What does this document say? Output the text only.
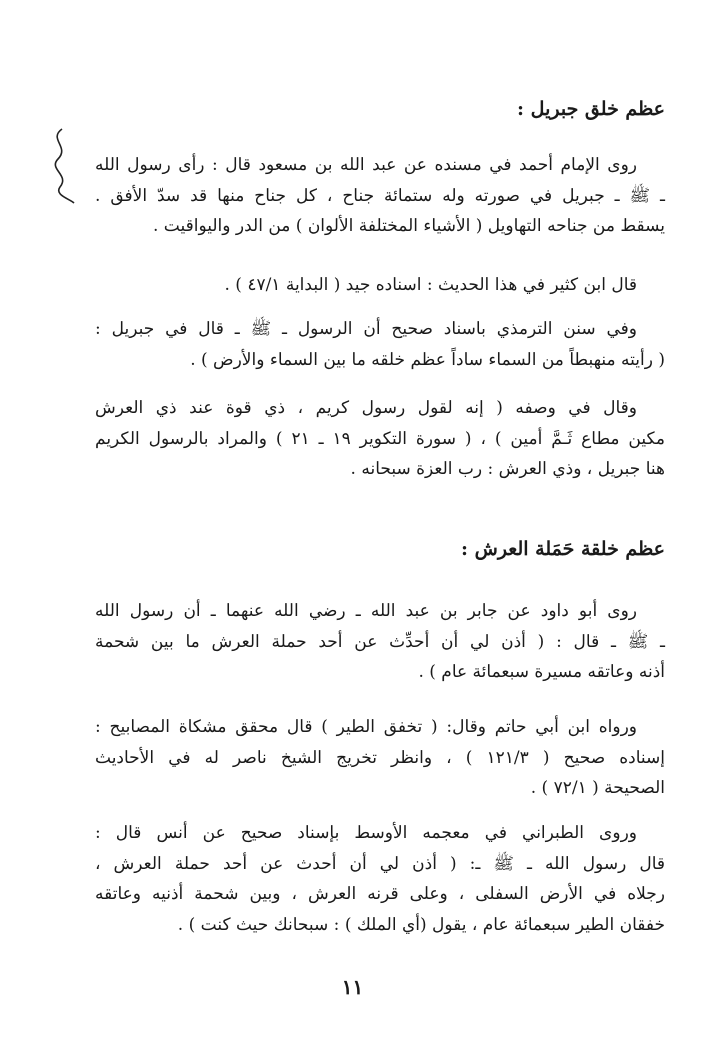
عظم خلق جبريل :
روى الإمام أحمد في مسنده عن عبد الله بن مسعود قال : رأى رسول الله
ـ ﷺ ـ جبريل في صورته وله ستمائة جناح ، كل جناح منها قد سدّ الأفق .
يسقط من جناحه التهاويل ( الأشياء المختلفة الألوان ) من الدر واليواقيت .
قال ابن كثير في هذا الحديث : اسناده جيد ( البداية ٤٧/١ ) .
وفي سنن الترمذي باسناد صحيح أن الرسول ـ ﷺ ـ قال في جبريل :
( رأيته منهبطاً من السماء ساداً عظم خلقه ما بين السماء والأرض ) .
وقال في وصفه ( إنه لقول رسول كريم ، ذي قوة عند ذي العرش
مكين مطاع ثَـمَّ أمين ) ، ( سورة التكوير ١٩ ـ ٢١ ) والمراد بالرسول الكريم
هنا جبريل ، وذي العرش : رب العزة سبحانه .
عظم خلقة حَمَلة العرش :
روى أبو داود عن جابر بن عبد الله ـ رضي الله عنهما ـ أن رسول الله
ـ ﷺ ـ قال : ( أذن لي أن أحدِّث عن أحد حملة العرش ما بين شحمة
أذنه وعاتقه مسيرة سبعمائة عام ) .
ورواه ابن أبي حاتم وقال: ( تخفق الطير ) قال محقق مشكاة المصابيح :
إسناده صحيح ( ١٢١/٣ ) ، وانظر تخريج الشيخ ناصر له في الأحاديث
الصحيحة ( ٧٢/١ ) .
وروى الطبراني في معجمه الأوسط بإسناد صحيح عن أنس قال :
قال رسول الله ـ ﷺ ـ: ( أذن لي أن أحدث عن أحد حملة العرش ،
رجلاه في الأرض السفلى ، وعلى قرنه العرش ، وبين شحمة أذنيه وعاتقه
خفقان الطير سبعمائة عام ، يقول (أي الملك ) : سبحانك حيث كنت ) .
١١
